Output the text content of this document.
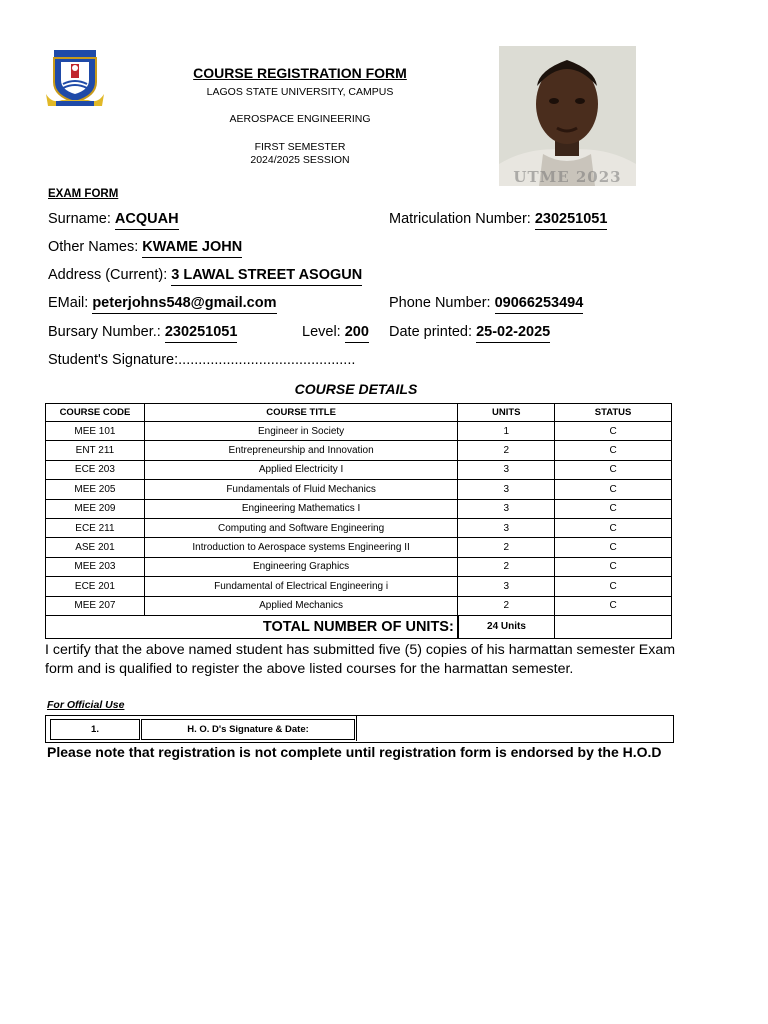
COURSE REGISTRATION FORM
LAGOS STATE UNIVERSITY, CAMPUS
AEROSPACE ENGINEERING
FIRST SEMESTER
2024/2025 SESSION
UTME 2023
EXAM FORM
Surname: ACQUAH	Matriculation Number: 230251051
Other Names: KWAME JOHN
Address (Current): 3 LAWAL STREET ASOGUN
EMail: peterjohns548@gmail.com	Phone Number: 09066253494
Bursary Number.: 230251051	Level: 200 Date printed: 25-02-2025
Student's Signature:............................................
COURSE DETAILS
COURSE CODE	COURSE TITLE	UNITS	STATUS
MEE 101	Engineer in Society	1	C
ENT 211	Entrepreneurship and Innovation	2	C
ECE 203	Applied Electricity I	3	C
MEE 205	Fundamentals of Fluid Mechanics	3	C
MEE 209	Engineering Mathematics I	3	C
ECE 211	Computing and Software Engineering	3	C
ASE 201	Introduction to Aerospace systems Engineering II	2	C
MEE 203	Engineering Graphics	2	C
ECE 201	Fundamental of Electrical Engineering i	3	C
MEE 207	Applied Mechanics	2	C
TOTAL NUMBER OF UNITS:		24 Units	
I certify that the above named student has submitted five (5) copies of his harmattan semester Exam form and is qualified to register the above listed courses for the harmattan semester.
For Official Use
1.	H. O. D's Signature & Date:
Please note that registration is not complete until registration form is endorsed by the H.O.D
